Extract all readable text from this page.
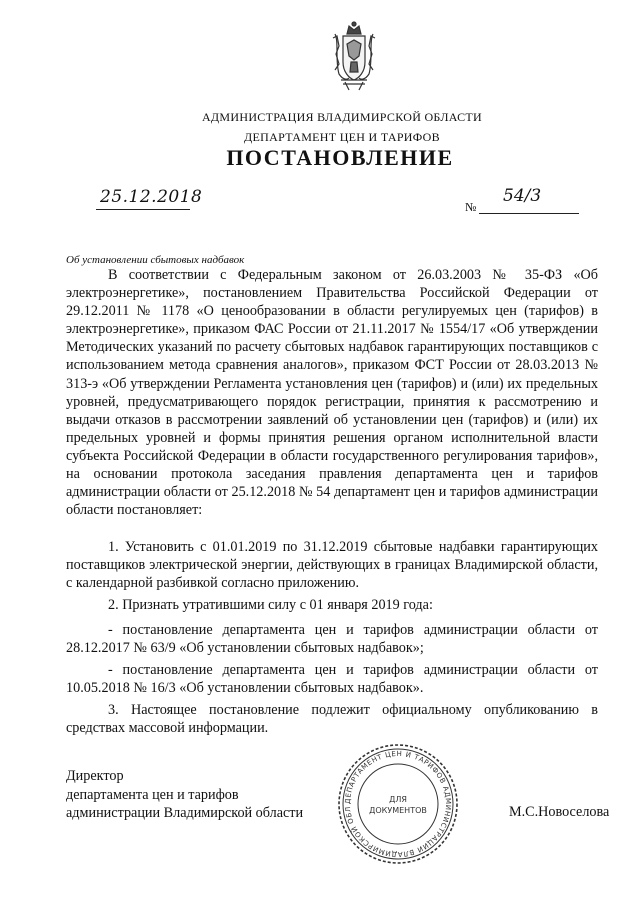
АДМИНИСТРАЦИЯ ВЛАДИМИРСКОЙ ОБЛАСТИ
ДЕПАРТАМЕНТ ЦЕН И ТАРИФОВ
ПОСТАНОВЛЕНИЕ
25.12.2018	№
54/3
Об установлении сбытовых надбавок
В соответствии с Федеральным законом от 26.03.2003 № 35-ФЗ «Об электроэнергетике», постановлением Правительства Российской Федерации от 29.12.2011 № 1178 «О ценообразовании в области регулируемых цен (тарифов) в электроэнергетике», приказом ФАС России от 21.11.2017 № 1554/17 «Об утверждении Методических указаний по расчету сбытовых надбавок гарантирующих поставщиков с использованием метода сравнения аналогов», приказом ФСТ России от 28.03.2013 № 313-э «Об утверждении Регламента установления цен (тарифов) и (или) их предельных уровней, предусматривающего порядок регистрации, принятия к рассмотрению и выдачи отказов в рассмотрении заявлений об установлении цен (тарифов) и (или) их предельных уровней и формы принятия решения органом исполнительной власти субъекта Российской Федерации в области государственного регулирования тарифов», на основании протокола заседания правления департамента цен и тарифов администрации области от 25.12.2018 № 54 департамент цен и тарифов администрации области постановляет:
1. Установить с 01.01.2019 по 31.12.2019 сбытовые надбавки гарантирующих поставщиков электрической энергии, действующих в границах Владимирской области, с календарной разбивкой согласно приложению.
2. Признать утратившими силу с 01 января 2019 года:
- постановление департамента цен и тарифов администрации области от 28.12.2017 № 63/9 «Об установлении сбытовых надбавок»;
- постановление департамента цен и тарифов администрации области от 10.05.2018 № 16/3 «Об установлении сбытовых надбавок».
3. Настоящее постановление подлежит официальному опубликованию в средствах массовой информации.
Директор
департамента цен и тарифов
администрации Владимирской области	М.С.Новоселова
ДЕПАРТАМЕНТ ЦЕН И ТАРИФОВ АДМИНИСТРАЦИИ ВЛАДИМИРСКОЙ ОБЛ
ДЛЯ
ДОКУМЕНТОВ
